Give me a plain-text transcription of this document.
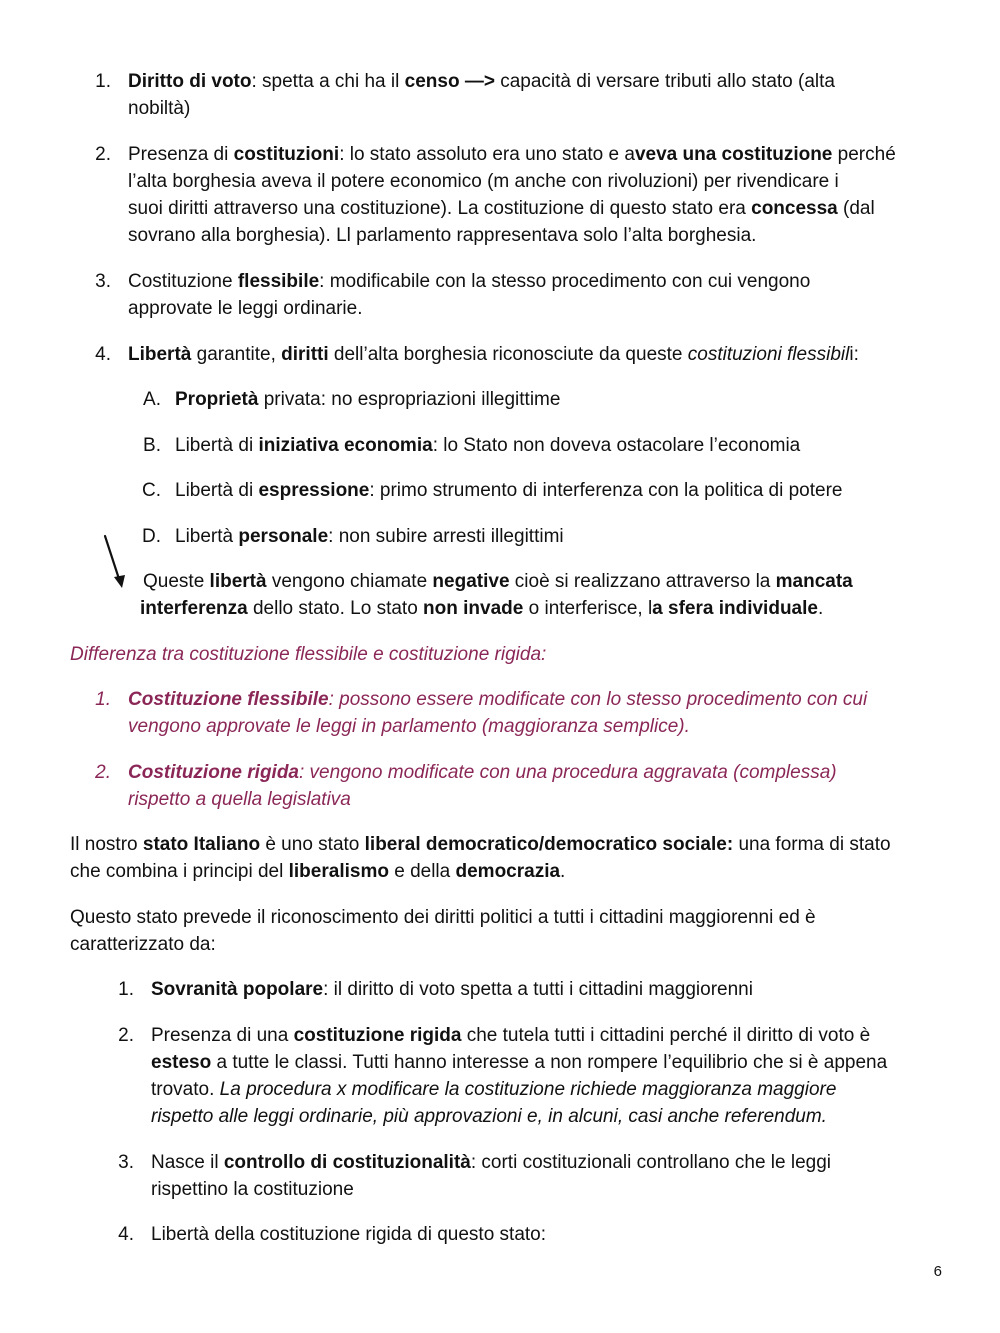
1. Diritto di voto: spetta a chi ha il censo —> capacità di versare tributi allo stato (alta
nobiltà)
2. Presenza di costituzioni: lo stato assoluto era uno stato e aveva una costituzione perché
l’alta borghesia aveva il potere economico (m anche con rivoluzioni) per rivendicare i
suoi diritti attraverso una costituzione). La costituzione di questo stato era concessa (dal
sovrano alla borghesia). Ll parlamento rappresentava solo l’alta borghesia.
3. Costituzione flessibile: modificabile con la stesso procedimento con cui vengono
approvate le leggi ordinarie.
4. Libertà garantite, diritti dell’alta borghesia riconosciute da queste costituzioni flessibili:
A. Proprietà privata: no espropriazioni illegittime
B. Libertà di iniziativa economia: lo Stato non doveva ostacolare l’economia
C. Libertà di espressione: primo strumento di interferenza con la politica di potere
D. Libertà personale: non subire arresti illegittimi
Queste libertà vengono chiamate negative cioè si realizzano attraverso la mancata
interferenza dello stato. Lo stato non invade o interferisce, la sfera individuale.
Differenza tra costituzione flessibile e costituzione rigida:
1. Costituzione flessibile: possono essere modificate con lo stesso procedimento con cui
vengono approvate le leggi in parlamento (maggioranza semplice).
2. Costituzione rigida: vengono modificate con una procedura aggravata (complessa)
rispetto a quella legislativa
Il nostro stato Italiano è uno stato liberal democratico/democratico sociale: una forma di stato
che combina i principi del liberalismo e della democrazia.
Questo stato prevede il riconoscimento dei diritti politici a tutti i cittadini maggiorenni ed è
caratterizzato da:
1. Sovranità popolare: il diritto di voto spetta a tutti i cittadini maggiorenni
2. Presenza di una costituzione rigida che tutela tutti i cittadini perché il diritto di voto è
esteso a tutte le classi. Tutti hanno interesse a non rompere l’equilibrio che si è appena
trovato. La procedura x modificare la costituzione richiede maggioranza maggiore
rispetto alle leggi ordinarie, più approvazioni e, in alcuni, casi anche referendum.
3. Nasce il controllo di costituzionalità: corti costituzionali controllano che le leggi
rispettino la costituzione
4. Libertà della costituzione rigida di questo stato:
6
